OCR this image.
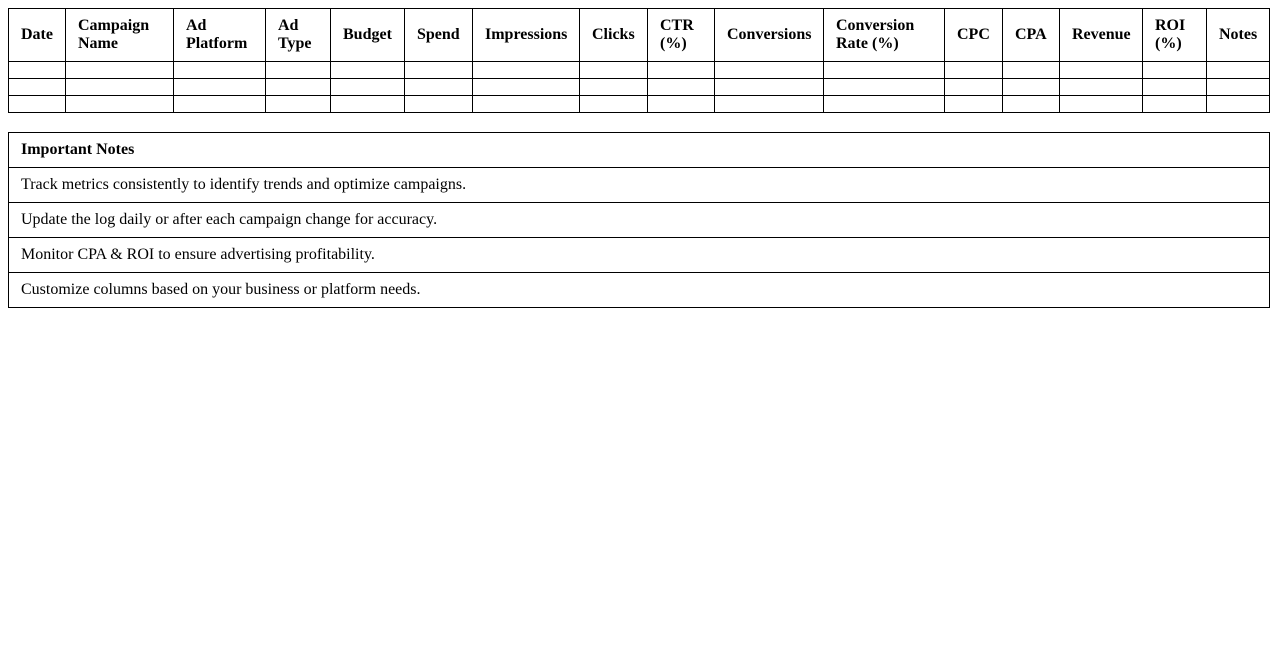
Date	Campaign Name	Ad Platform	Ad Type	Budget	Spend	Impressions	Clicks	CTR (%)	Conversions	Conversion Rate (%)	CPC	CPA	Revenue	ROI (%)	Notes

Important Notes
Track metrics consistently to identify trends and optimize campaigns.
Update the log daily or after each campaign change for accuracy.
Monitor CPA & ROI to ensure advertising profitability.
Customize columns based on your business or platform needs.
